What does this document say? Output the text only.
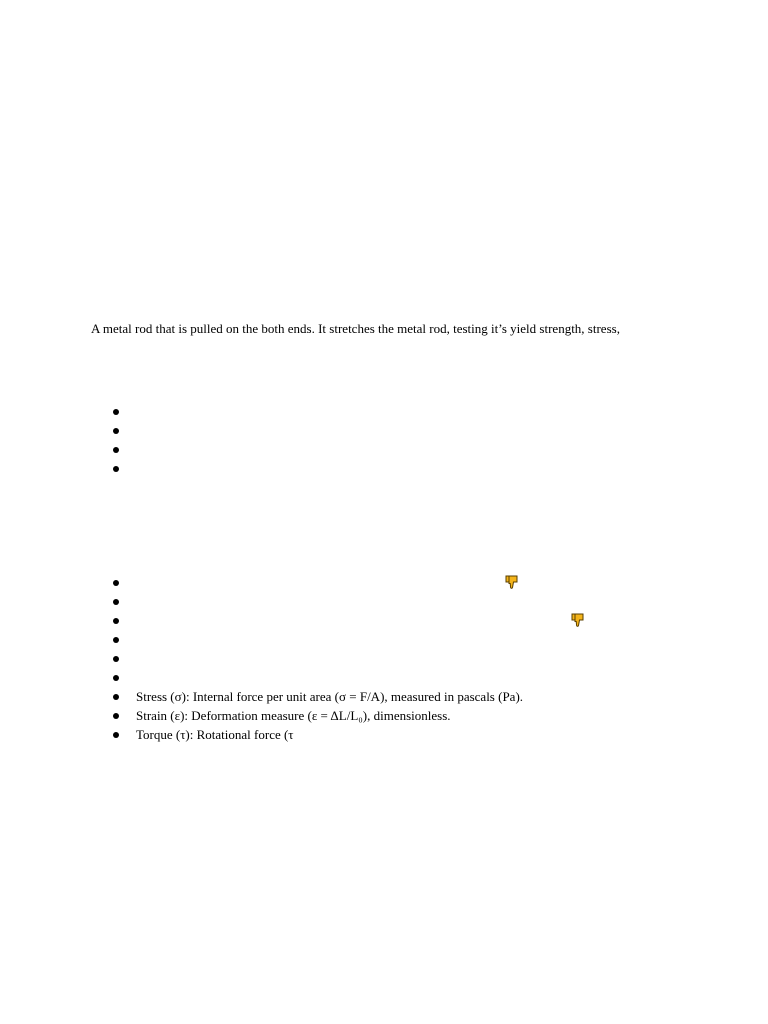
A metal rod that is pulled on the both ends. It stretches the metal rod, testing it’s yield strength, stress,
Stress (σ): Internal force per unit area (σ = F/A), measured in pascals (Pa).
Strain (ε): Deformation measure (ε = ΔL/L₀), dimensionless.
Torque (τ): Rotational force (τ
